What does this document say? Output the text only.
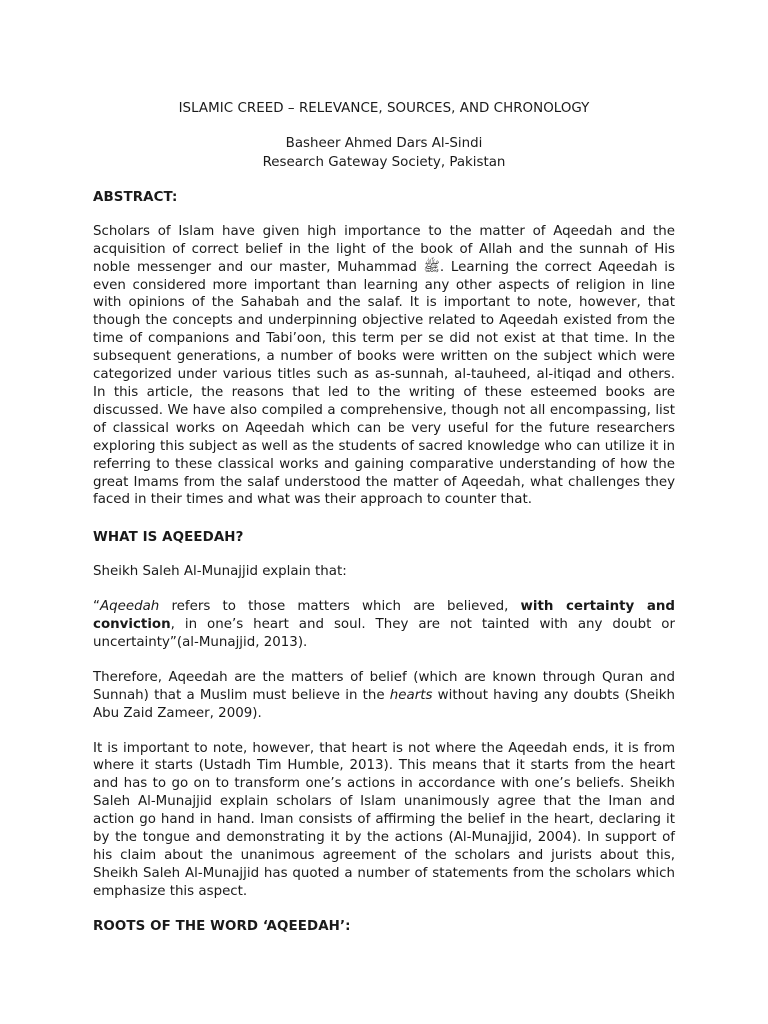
ISLAMIC CREED – RELEVANCE, SOURCES, AND CHRONOLOGY
Basheer Ahmed Dars Al-Sindi
Research Gateway Society, Pakistan
ABSTRACT:

Scholars of Islam have given high importance to the matter of Aqeedah and the acquisition of correct belief in the light of the book of Allah and the sunnah of His noble messenger and our master, Muhammad ﷺ. Learning the correct Aqeedah is even considered more important than learning any other aspects of religion in line with opinions of the Sahabah and the salaf. It is important to note, however, that though the concepts and underpinning objective related to Aqeedah existed from the time of companions and Tabi’oon, this term per se did not exist at that time. In the subsequent generations, a number of books were written on the subject which were categorized under various titles such as as-sunnah, al-tauheed, al-itiqad and others. In this article, the reasons that led to the writing of these esteemed books are discussed. We have also compiled a comprehensive, though not all encompassing, list of classical works on Aqeedah which can be very useful for the future researchers exploring this subject as well as the students of sacred knowledge who can utilize it in referring to these classical works and gaining comparative understanding of how the great Imams from the salaf understood the matter of Aqeedah, what challenges they faced in their times and what was their approach to counter that.

WHAT IS AQEEDAH?

Sheikh Saleh Al-Munajjid explain that:

“Aqeedah refers to those matters which are believed, with certainty and conviction, in one’s heart and soul. They are not tainted with any doubt or uncertainty”(al-Munajjid, 2013).

Therefore, Aqeedah are the matters of belief (which are known through Quran and Sunnah) that a Muslim must believe in the hearts without having any doubts (Sheikh Abu Zaid Zameer, 2009).

It is important to note, however, that heart is not where the Aqeedah ends, it is from where it starts (Ustadh Tim Humble, 2013). This means that it starts from the heart and has to go on to transform one’s actions in accordance with one’s beliefs. Sheikh Saleh Al-Munajjid explain scholars of Islam unanimously agree that the Iman and action go hand in hand. Iman consists of affirming the belief in the heart, declaring it by the tongue and demonstrating it by the actions (Al-Munajjid, 2004). In support of his claim about the unanimous agreement of the scholars and jurists about this, Sheikh Saleh Al-Munajjid has quoted a number of statements from the scholars which emphasize this aspect.

ROOTS OF THE WORD ‘AQEEDAH’:
